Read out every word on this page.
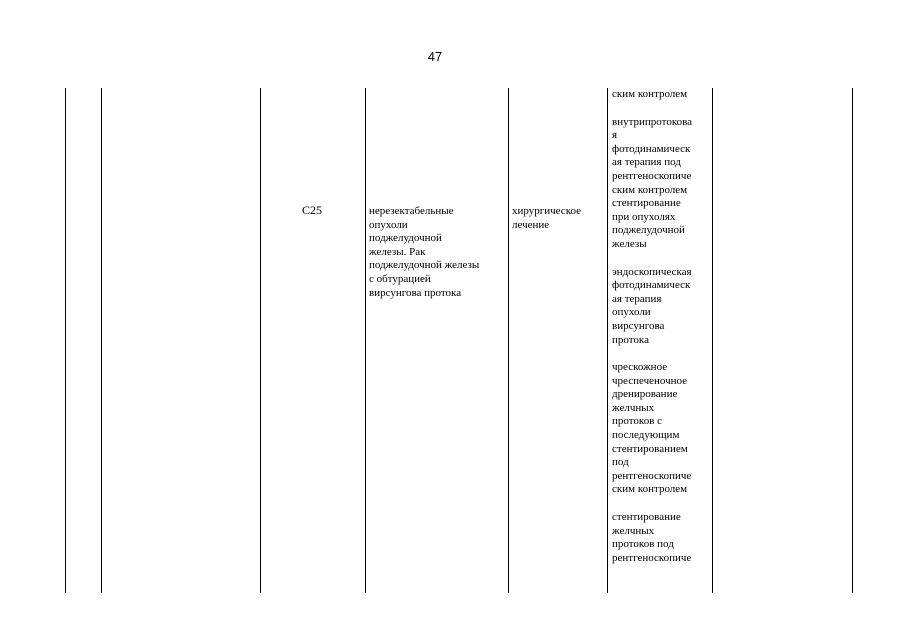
47
C25	нерезектабельные
опухоли
поджелудочной
железы. Рак
поджелудочной железы
с обтурацией
вирсунгова протока
хирургическое
лечение
ским контролем
внутрипротокова
я
фотодинамическ
ая терапия под
рентгеноскопиче
ским контролем
стентирование
при опухолях
поджелудочной
железы
эндоскопическая
фотодинамическ
ая терапия
опухоли
вирсунгова
протока
чрескожное
чреспеченочное
дренирование
желчных
протоков с
последующим
стентированием
под
рентгеноскопиче
ским контролем
стентирование
желчных
протоков под
рентгеноскопиче
